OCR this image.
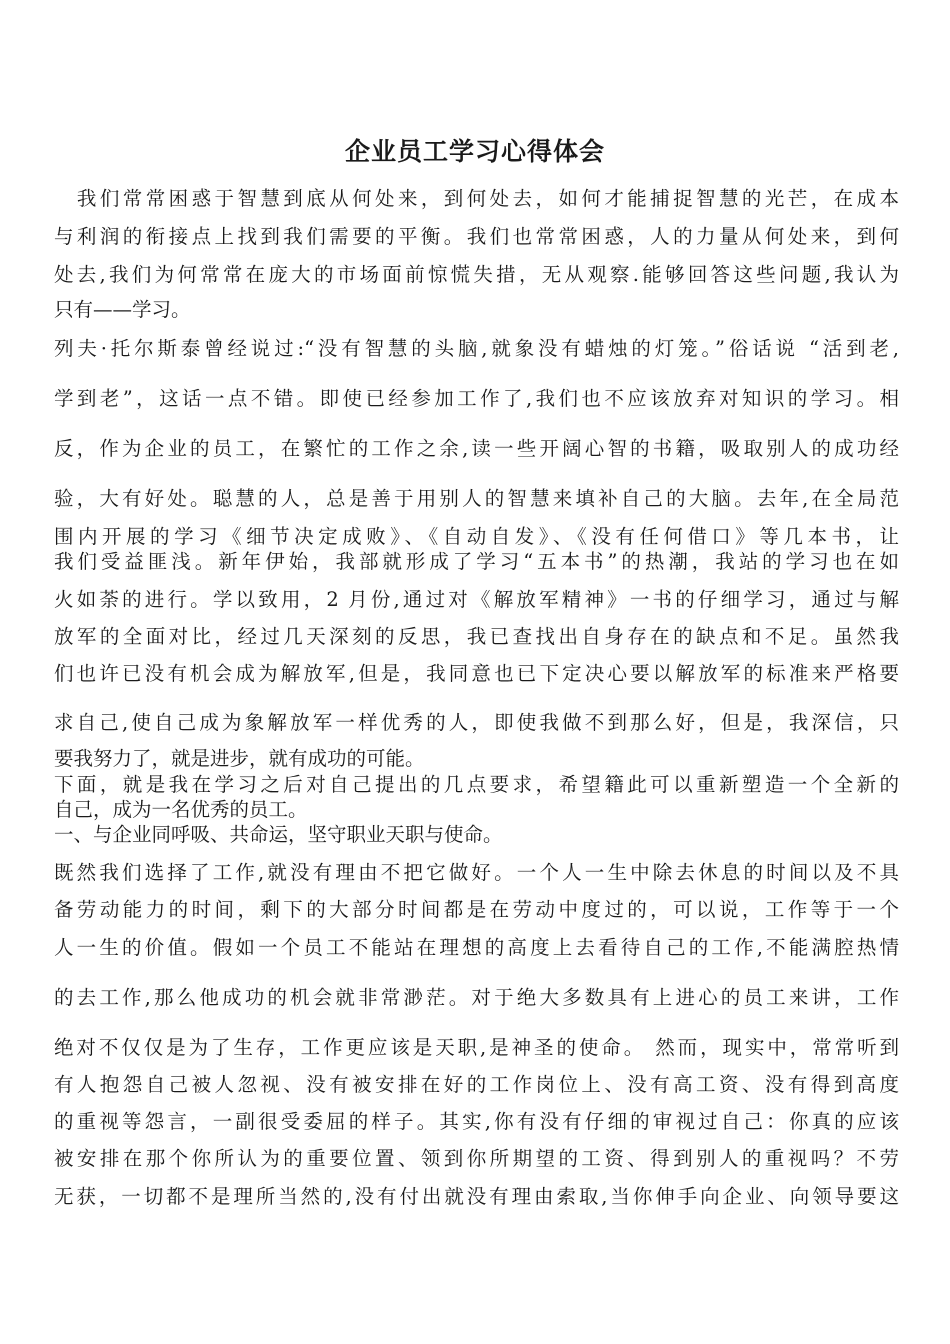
企业员工学习心得体会

　我们常常困惑于智慧到底从何处来，到何处去，如何才能捕捉智慧的光芒，在成本

与利润的衔接点上找到我们需要的平衡。我们也常常困惑，人的力量从何处来，到何

处去,我们为何常常在庞大的市场面前惊慌失措，无从观察.能够回答这些问题,我认为

只有——学习。

列夫·托尔斯泰曾经说过:“没有智慧的头脑,就象没有蜡烛的灯笼。”俗话说 “活到老,

学到老”，这话一点不错。即使已经参加工作了,我们也不应该放弃对知识的学习。相

反，作为企业的员工，在繁忙的工作之余,读一些开阔心智的书籍，吸取别人的成功经

验，大有好处。聪慧的人，总是善于用别人的智慧来填补自己的大脑。去年,在全局范

围内开展的学习《细节决定成败》、《自动自发》、《没有任何借口》等几本书，让

我们受益匪浅。新年伊始，我部就形成了学习“五本书”的热潮，我站的学习也在如

火如荼的进行。学以致用，2 月份,通过对《解放军精神》一书的仔细学习，通过与解

放军的全面对比，经过几天深刻的反思，我已查找出自身存在的缺点和不足。虽然我

们也许已没有机会成为解放军,但是，我同意也已下定决心要以解放军的标准来严格要

求自己,使自己成为象解放军一样优秀的人，即使我做不到那么好，但是，我深信，只

要我努力了，就是进步，就有成功的可能。

下面，就是我在学习之后对自己提出的几点要求，希望籍此可以重新塑造一个全新的

自己，成为一名优秀的员工。

一、与企业同呼吸、共命运，坚守职业天职与使命。

既然我们选择了工作,就没有理由不把它做好。一个人一生中除去休息的时间以及不具

备劳动能力的时间，剩下的大部分时间都是在劳动中度过的，可以说，工作等于一个

人一生的价值。假如一个员工不能站在理想的高度上去看待自己的工作,不能满腔热情

的去工作,那么他成功的机会就非常渺茫。对于绝大多数具有上进心的员工来讲，工作

绝对不仅仅是为了生存，工作更应该是天职,是神圣的使命。 然而，现实中，常常听到

有人抱怨自己被人忽视、没有被安排在好的工作岗位上、没有高工资、没有得到高度

的重视等怨言，一副很受委屈的样子。其实,你有没有仔细的审视过自己：你真的应该

被安排在那个你所认为的重要位置、领到你所期望的工资、得到别人的重视吗？不劳

无获，一切都不是理所当然的,没有付出就没有理由索取,当你伸手向企业、向领导要这
